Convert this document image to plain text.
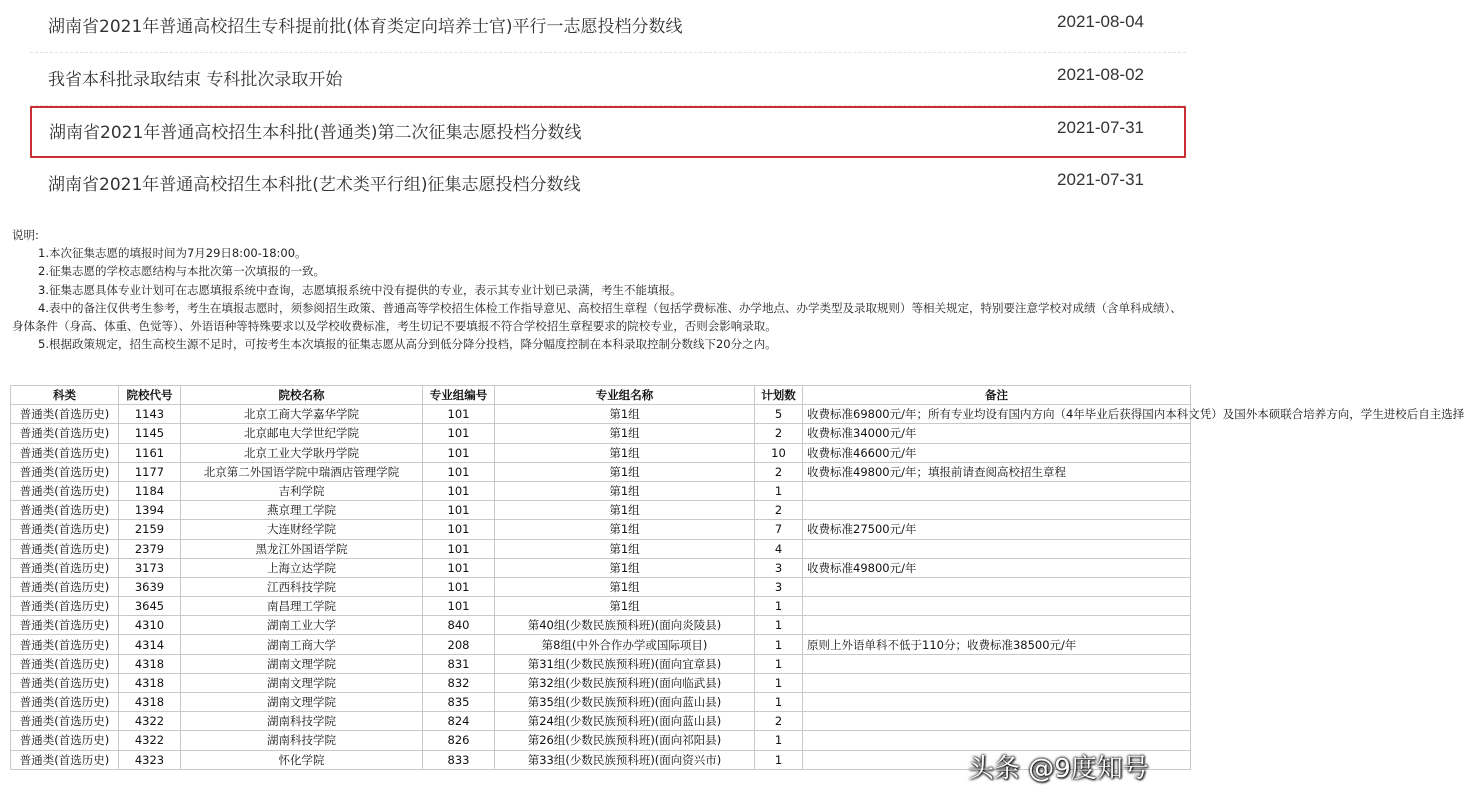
湖南省2021年普通高校招生专科提前批(体育类定向培养士官)平行一志愿投档分数线	2021-08-04
我省本科批录取结束 专科批次录取开始	2021-08-02
湖南省2021年普通高校招生本科批(普通类)第二次征集志愿投档分数线	2021-07-31
湖南省2021年普通高校招生本科批(艺术类平行组)征集志愿投档分数线	2021-07-31

说明:

1.本次征集志愿的填报时间为7月29日8:00-18:00。

2.征集志愿的学校志愿结构与本批次第一次填报的一致。

3.征集志愿具体专业计划可在志愿填报系统中查询，志愿填报系统中没有提供的专业，表示其专业计划已录满，考生不能填报。

4.表中的备注仅供考生参考，考生在填报志愿时，须参阅招生政策、普通高等学校招生体检工作指导意见、高校招生章程（包括学费标准、办学地点、办学类型及录取规则）等相关规定，特别要注意学校对成绩（含单科成绩）、身体条件（身高、体重、色觉等）、外语语种等特殊要求以及学校收费标准，考生切记不要填报不符合学校招生章程要求的院校专业，否则会影响录取。

5.根据政策规定，招生高校生源不足时，可按考生本次填报的征集志愿从高分到低分降分投档，降分幅度控制在本科录取控制分数线下20分之内。

科类	院校代号	院校名称	专业组编号	专业组名称	计划数	备注
普通类(首选历史)	1143	北京工商大学嘉华学院	101	第1组	5	收费标准69800元/年；所有专业均设有国内方向（4年毕业后获得国内本科文凭）及国外本硕联合培养方向，学生进校后自主选择
普通类(首选历史)	1145	北京邮电大学世纪学院	101	第1组	2	收费标准34000元/年
普通类(首选历史)	1161	北京工业大学耿丹学院	101	第1组	10	收费标准46600元/年
普通类(首选历史)	1177	北京第二外国语学院中瑞酒店管理学院	101	第1组	2	收费标准49800元/年；填报前请查阅高校招生章程
普通类(首选历史)	1184	吉利学院	101	第1组	1	
普通类(首选历史)	1394	燕京理工学院	101	第1组	2	
普通类(首选历史)	2159	大连财经学院	101	第1组	7	收费标准27500元/年
普通类(首选历史)	2379	黑龙江外国语学院	101	第1组	4	
普通类(首选历史)	3173	上海立达学院	101	第1组	3	收费标准49800元/年
普通类(首选历史)	3639	江西科技学院	101	第1组	3	
普通类(首选历史)	3645	南昌理工学院	101	第1组	1	
普通类(首选历史)	4310	湖南工业大学	840	第40组(少数民族预科班)(面向炎陵县)	1	
普通类(首选历史)	4314	湖南工商大学	208	第8组(中外合作办学或国际项目)	1	原则上外语单科不低于110分；收费标准38500元/年
普通类(首选历史)	4318	湖南文理学院	831	第31组(少数民族预科班)(面向宜章县)	1	
普通类(首选历史)	4318	湖南文理学院	832	第32组(少数民族预科班)(面向临武县)	1	
普通类(首选历史)	4318	湖南文理学院	835	第35组(少数民族预科班)(面向蓝山县)	1	
普通类(首选历史)	4322	湖南科技学院	824	第24组(少数民族预科班)(面向蓝山县)	2	
普通类(首选历史)	4322	湖南科技学院	826	第26组(少数民族预科班)(面向祁阳县)	1	
普通类(首选历史)	4323	怀化学院	833	第33组(少数民族预科班)(面向资兴市)	1		头条 @9度知号
